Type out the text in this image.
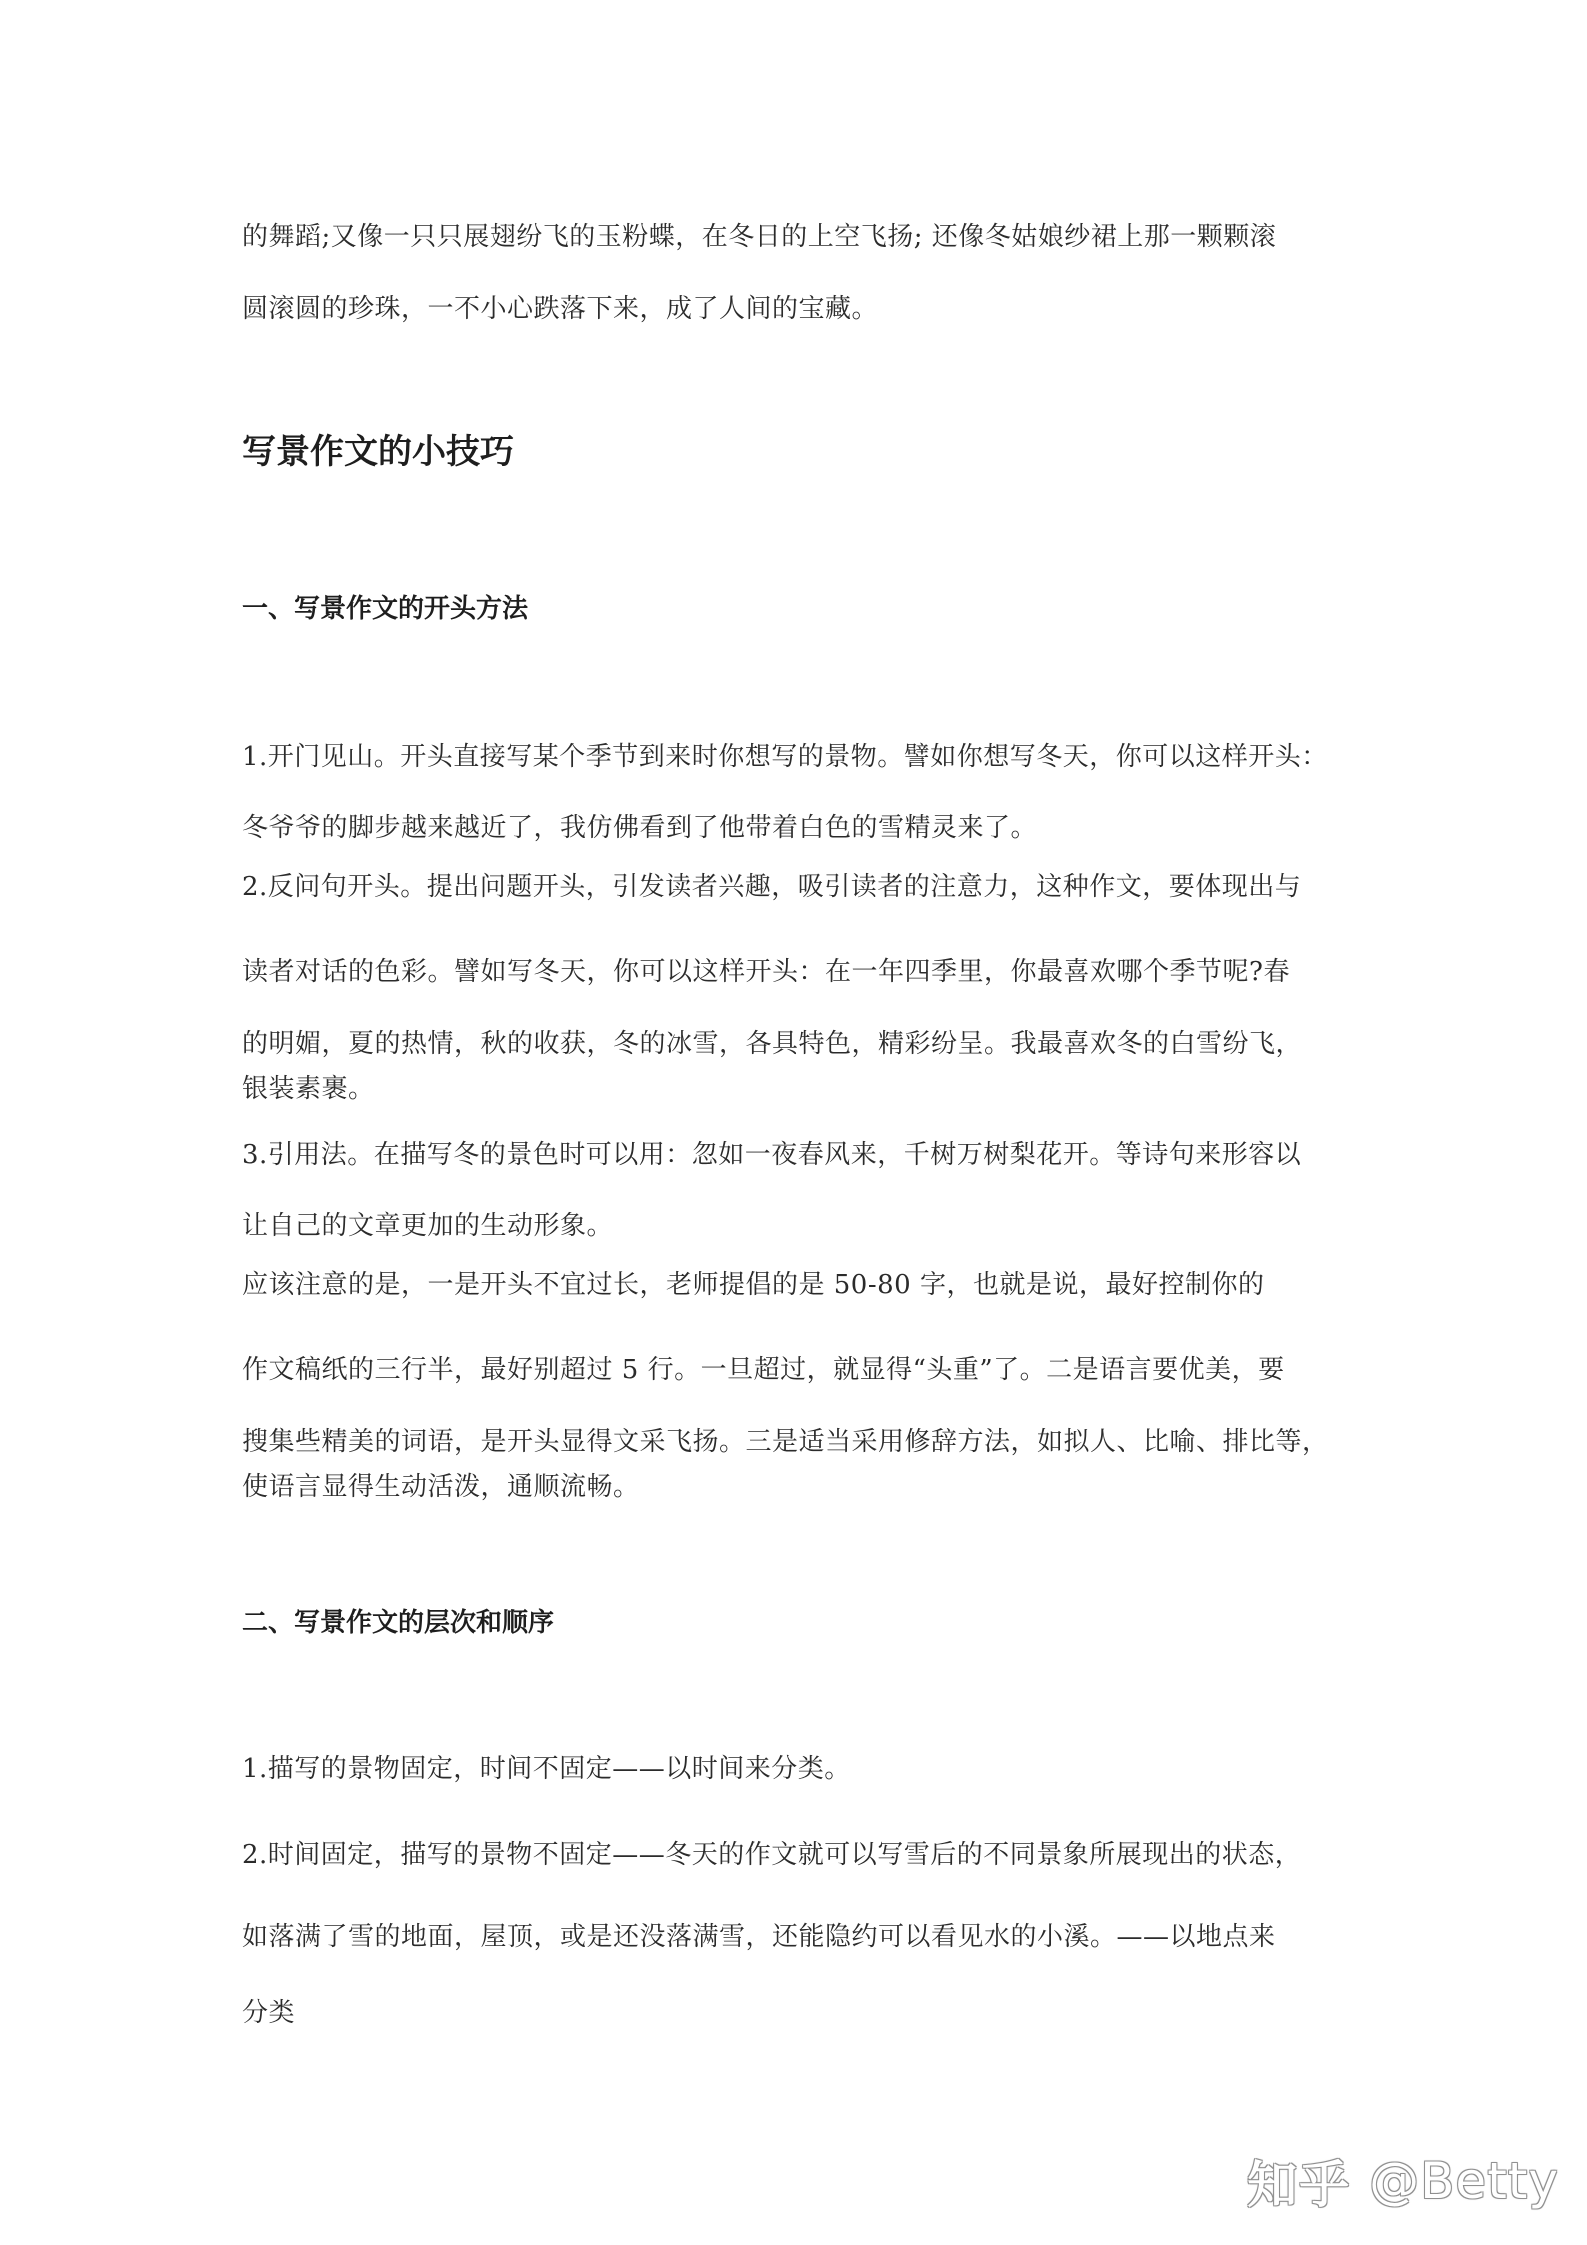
的舞蹈;又像一只只展翅纷飞的玉粉蝶，在冬日的上空飞扬; 还像冬姑娘纱裙上那一颗颗滚

圆滚圆的珍珠，一不小心跌落下来，成了人间的宝藏。

写景作文的小技巧
一、写景作文的开头方法

1.开门见山。开头直接写某个季节到来时你想写的景物。譬如你想写冬天，你可以这样开头：

冬爷爷的脚步越来越近了，我仿佛看到了他带着白色的雪精灵来了。

2.反问句开头。提出问题开头，引发读者兴趣，吸引读者的注意力，这种作文，要体现出与

读者对话的色彩。譬如写冬天，你可以这样开头：在一年四季里，你最喜欢哪个季节呢?春

的明媚，夏的热情，秋的收获，冬的冰雪，各具特色，精彩纷呈。我最喜欢冬的白雪纷飞，

银装素裹。

3.引用法。在描写冬的景色时可以用：忽如一夜春风来，千树万树梨花开。等诗句来形容以

让自己的文章更加的生动形象。

应该注意的是，一是开头不宜过长，老师提倡的是 50-80 字，也就是说，最好控制你的

作文稿纸的三行半，最好别超过 5 行。一旦超过，就显得“头重”了。二是语言要优美，要

搜集些精美的词语，是开头显得文采飞扬。三是适当采用修辞方法，如拟人、比喻、排比等，

使语言显得生动活泼，通顺流畅。

二、写景作文的层次和顺序

1.描写的景物固定，时间不固定——以时间来分类。

2.时间固定，描写的景物不固定——冬天的作文就可以写雪后的不同景象所展现出的状态，

如落满了雪的地面，屋顶，或是还没落满雪，还能隐约可以看见水的小溪。——以地点来

分类

知乎 @Betty
